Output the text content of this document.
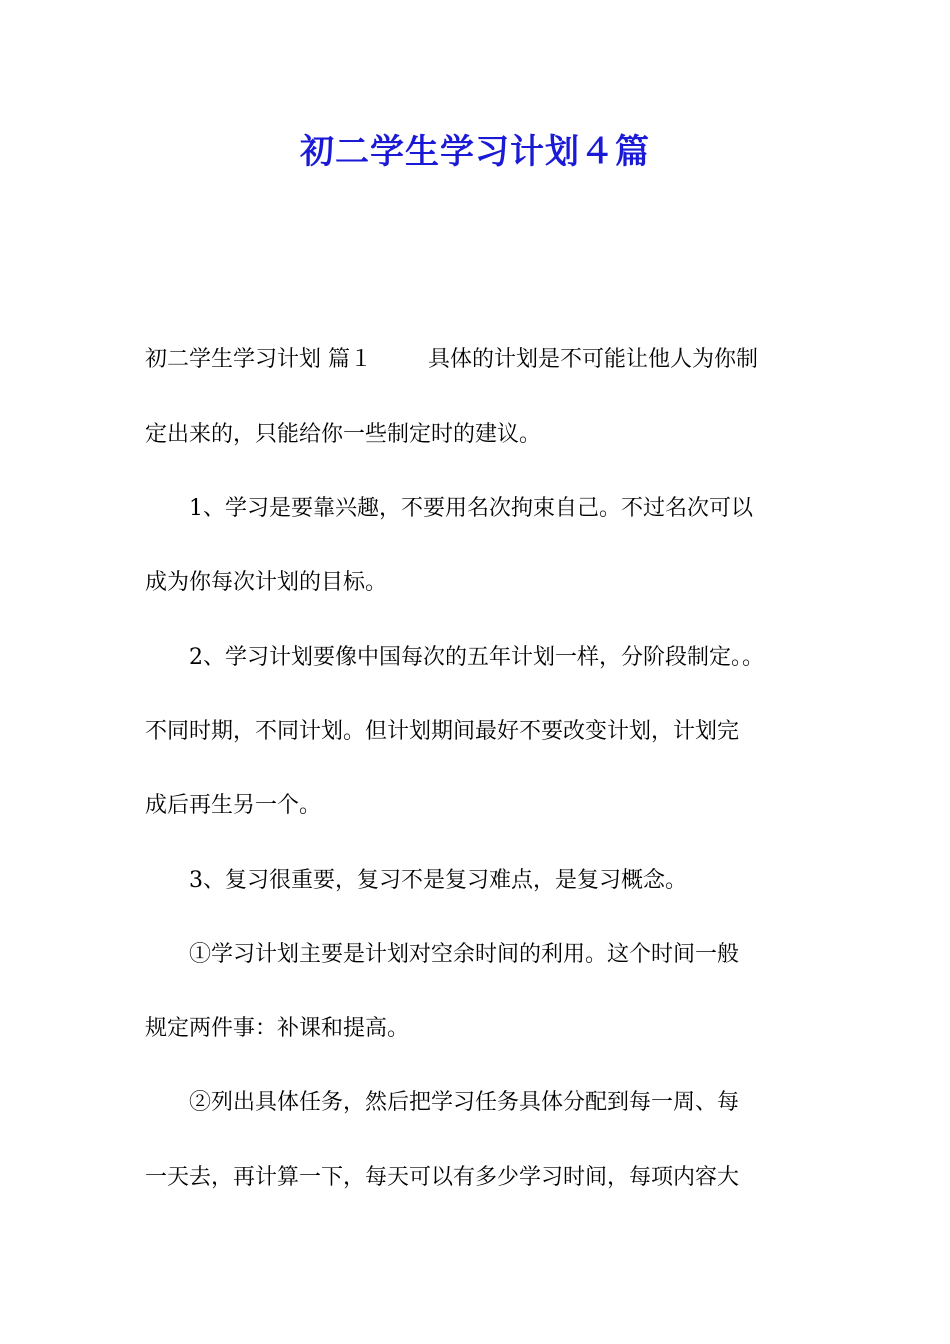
初二学生学习计划４篇

初二学生学习计划 篇１	具体的计划是不可能让他人为你制

定出来的，只能给你一些制定时的建议。

1、学习是要靠兴趣，不要用名次拘束自己。不过名次可以

成为你每次计划的目标。

2、学习计划要像中国每次的五年计划一样，分阶段制定。。

不同时期，不同计划。但计划期间最好不要改变计划，计划完

成后再生另一个。

3、复习很重要，复习不是复习难点，是复习概念。

①学习计划主要是计划对空余时间的利用。这个时间一般

规定两件事：补课和提高。

②列出具体任务，然后把学习任务具体分配到每一周、每

一天去，再计算一下，每天可以有多少学习时间，每项内容大
